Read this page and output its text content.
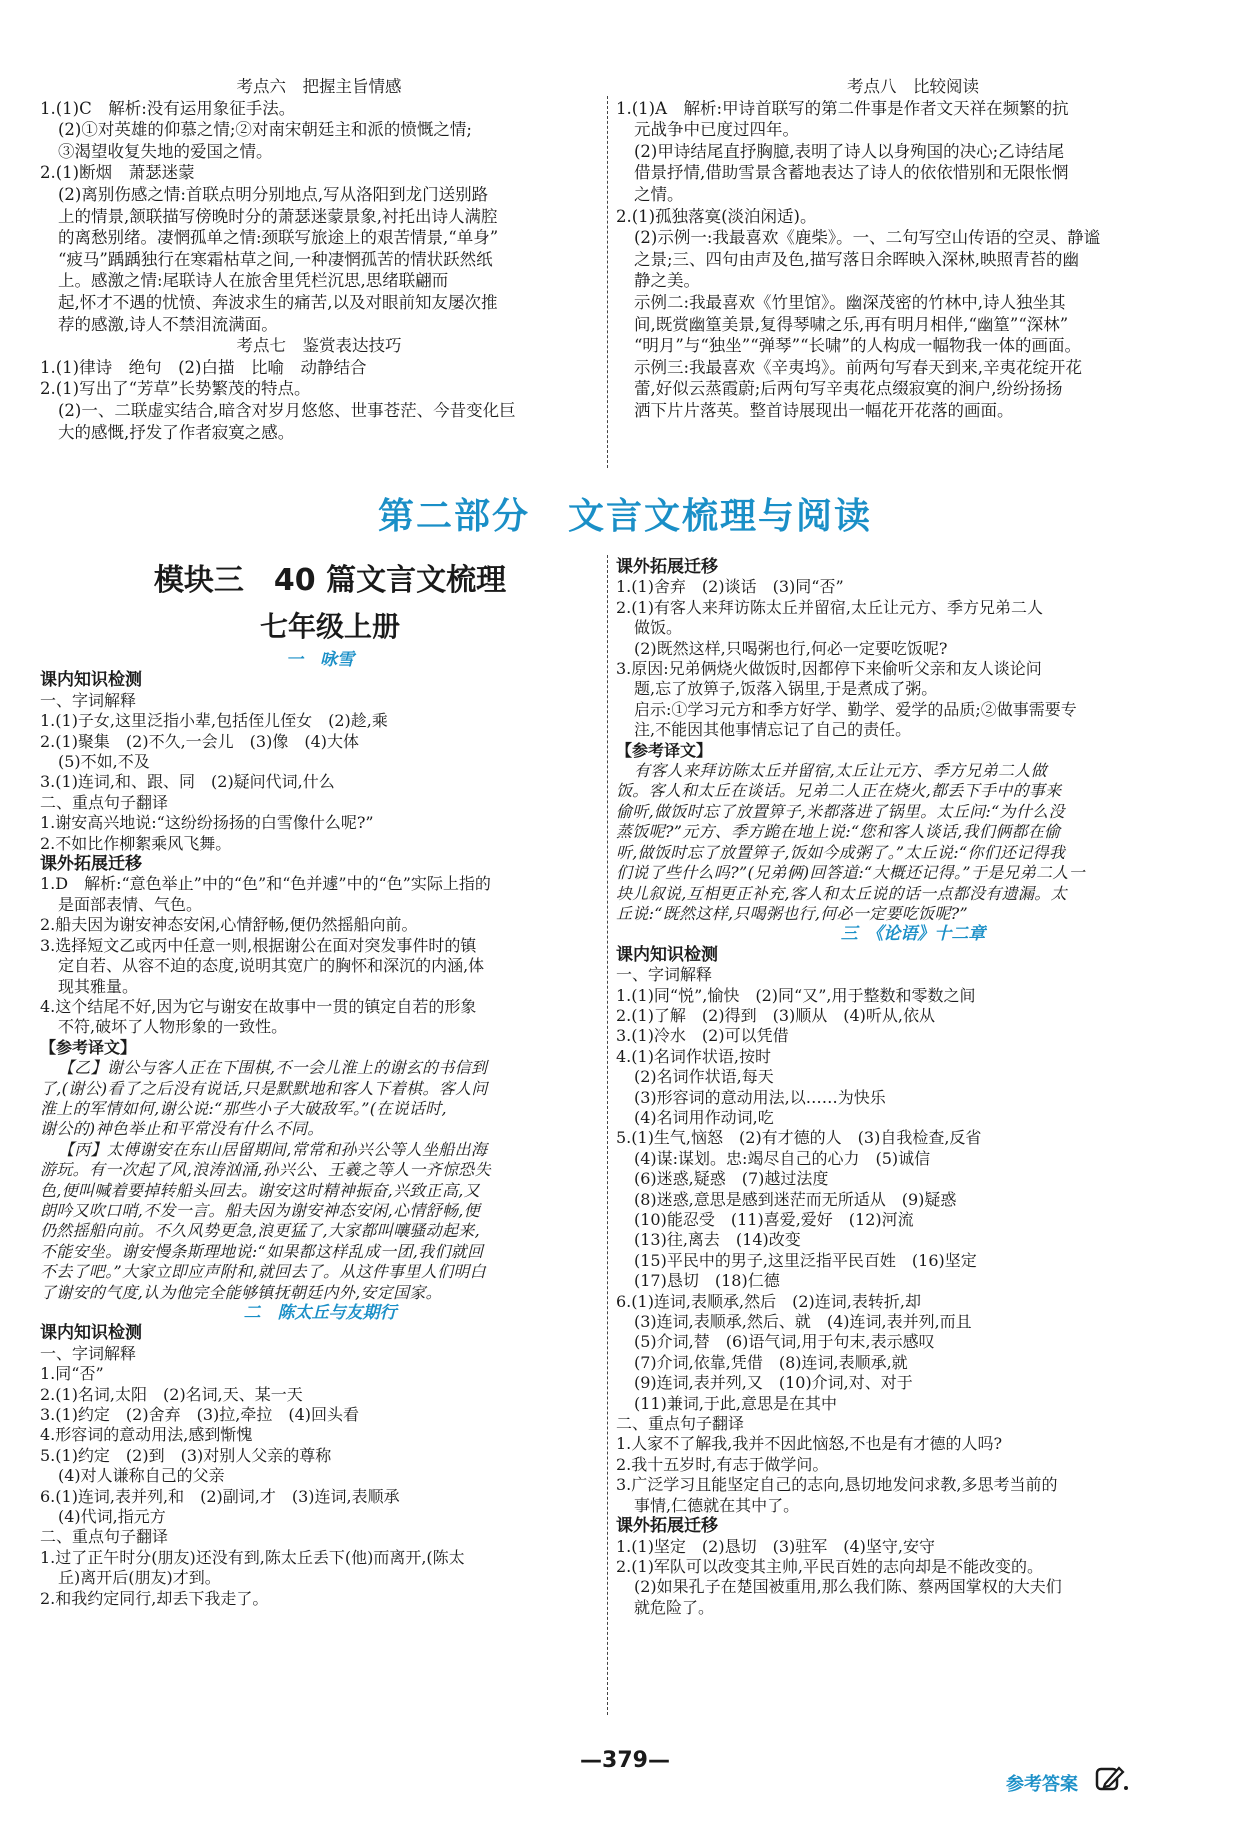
考点六　把握主旨情感

1.(1)C　解析:没有运用象征手法。

(2)①对英雄的仰慕之情;②对南宋朝廷主和派的愤慨之情;

③渴望收复失地的爱国之情。

2.(1)断烟　萧瑟迷蒙

(2)离别伤感之情:首联点明分别地点,写从洛阳到龙门送别路

上的情景,颔联描写傍晚时分的萧瑟迷蒙景象,衬托出诗人满腔

的离愁别绪。凄惘孤单之情:颈联写旅途上的艰苦情景,“单身”

“疲马”踽踽独行在寒霜枯草之间,一种凄惘孤苦的情状跃然纸

上。感激之情:尾联诗人在旅舍里凭栏沉思,思绪联翩而

起,怀才不遇的忧愤、奔波求生的痛苦,以及对眼前知友屡次推

荐的感激,诗人不禁泪流满面。

考点七　鉴赏表达技巧

1.(1)律诗　绝句　(2)白描　比喻　动静结合

2.(1)写出了“芳草”长势繁茂的特点。

(2)一、二联虚实结合,暗含对岁月悠悠、世事苍茫、今昔变化巨

大的感慨,抒发了作者寂寞之感。

考点八　比较阅读

1.(1)A　解析:甲诗首联写的第二件事是作者文天祥在频繁的抗

元战争中已度过四年。

(2)甲诗结尾直抒胸臆,表明了诗人以身殉国的决心;乙诗结尾

借景抒情,借助雪景含蓄地表达了诗人的依依惜别和无限怅惘

之情。

2.(1)孤独落寞(淡泊闲适)。

(2)示例一:我最喜欢《鹿柴》。一、二句写空山传语的空灵、静谧

之景;三、四句由声及色,描写落日余晖映入深林,映照青苔的幽

静之美。

示例二:我最喜欢《竹里馆》。幽深茂密的竹林中,诗人独坐其

间,既赏幽篁美景,复得琴啸之乐,再有明月相伴,“幽篁”“深林”

“明月”与“独坐”“弹琴”“长啸”的人构成一幅物我一体的画面。

示例三:我最喜欢《辛夷坞》。前两句写春天到来,辛夷花绽开花

蕾,好似云蒸霞蔚;后两句写辛夷花点缀寂寞的涧户,纷纷扬扬

洒下片片落英。整首诗展现出一幅花开花落的画面。

第二部分　文言文梳理与阅读
模块三　40 篇文言文梳理
七年级上册

一　咏雪

课内知识检测

一、字词解释

1.(1)子女,这里泛指小辈,包括侄儿侄女　(2)趁,乘

2.(1)聚集　(2)不久,一会儿　(3)像　(4)大体

(5)不如,不及

3.(1)连词,和、跟、同　(2)疑问代词,什么

二、重点句子翻译

1.谢安高兴地说:“这纷纷扬扬的白雪像什么呢?”

2.不如比作柳絮乘风飞舞。

课外拓展迁移

1.D　解析:“意色举止”中的“色”和“色并遽”中的“色”实际上指的

是面部表情、气色。

2.船夫因为谢安神态安闲,心情舒畅,便仍然摇船向前。

3.选择短文乙或丙中任意一则,根据谢公在面对突发事件时的镇

定自若、从容不迫的态度,说明其宽广的胸怀和深沉的内涵,体

现其雅量。

4.这个结尾不好,因为它与谢安在故事中一贯的镇定自若的形象

不符,破坏了人物形象的一致性。

【参考译文】

【乙】谢公与客人正在下围棋,不一会儿淮上的谢玄的书信到

了,(谢公)看了之后没有说话,只是默默地和客人下着棋。客人问

淮上的军情如何,谢公说:“那些小子大破敌军。”(在说话时,

谢公的)神色举止和平常没有什么不同。

【丙】太傅谢安在东山居留期间,常常和孙兴公等人坐船出海

游玩。有一次起了风,浪涛汹涌,孙兴公、王羲之等人一齐惊恐失

色,便叫喊着要掉转船头回去。谢安这时精神振奋,兴致正高,又

朗吟又吹口哨,不发一言。船夫因为谢安神态安闲,心情舒畅,便

仍然摇船向前。不久风势更急,浪更猛了,大家都叫嚷骚动起来,

不能安坐。谢安慢条斯理地说:“如果都这样乱成一团,我们就回

不去了吧。”大家立即应声附和,就回去了。从这件事里人们明白

了谢安的气度,认为他完全能够镇抚朝廷内外,安定国家。

二　陈太丘与友期行

课内知识检测

一、字词解释

1.同“否”

2.(1)名词,太阳　(2)名词,天、某一天

3.(1)约定　(2)舍弃　(3)拉,牵拉　(4)回头看

4.形容词的意动用法,感到惭愧

5.(1)约定　(2)到　(3)对别人父亲的尊称

(4)对人谦称自己的父亲

6.(1)连词,表并列,和　(2)副词,才　(3)连词,表顺承

(4)代词,指元方

二、重点句子翻译

1.过了正午时分(朋友)还没有到,陈太丘丢下(他)而离开,(陈太

丘)离开后(朋友)才到。

2.和我约定同行,却丢下我走了。

课外拓展迁移

1.(1)舍弃　(2)谈话　(3)同“否”

2.(1)有客人来拜访陈太丘并留宿,太丘让元方、季方兄弟二人

做饭。

(2)既然这样,只喝粥也行,何必一定要吃饭呢?

3.原因:兄弟俩烧火做饭时,因都停下来偷听父亲和友人谈论问

题,忘了放箅子,饭落入锅里,于是煮成了粥。

启示:①学习元方和季方好学、勤学、爱学的品质;②做事需要专

注,不能因其他事情忘记了自己的责任。

【参考译文】

有客人来拜访陈太丘并留宿,太丘让元方、季方兄弟二人做

饭。客人和太丘在谈话。兄弟二人正在烧火,都丢下手中的事来

偷听,做饭时忘了放置箅子,米都落进了锅里。太丘问:“为什么没

蒸饭呢?”元方、季方跪在地上说:“您和客人谈话,我们俩都在偷

听,做饭时忘了放置箅子,饭如今成粥了。”太丘说:“你们还记得我

们说了些什么吗?”(兄弟俩)回答道:“大概还记得。”于是兄弟二人一

块儿叙说,互相更正补充,客人和太丘说的话一点都没有遗漏。太

丘说:“既然这样,只喝粥也行,何必一定要吃饭呢?”

三　《论语》十二章

课内知识检测

一、字词解释

1.(1)同“悦”,愉快　(2)同“又”,用于整数和零数之间

2.(1)了解　(2)得到　(3)顺从　(4)听从,依从

3.(1)冷水　(2)可以凭借

4.(1)名词作状语,按时

(2)名词作状语,每天

(3)形容词的意动用法,以……为快乐

(4)名词用作动词,吃

5.(1)生气,恼怒　(2)有才德的人　(3)自我检查,反省

(4)谋:谋划。忠:竭尽自己的心力　(5)诚信

(6)迷惑,疑惑　(7)越过法度

(8)迷惑,意思是感到迷茫而无所适从　(9)疑惑

(10)能忍受　(11)喜爱,爱好　(12)河流

(13)往,离去　(14)改变

(15)平民中的男子,这里泛指平民百姓　(16)坚定

(17)恳切　(18)仁德

6.(1)连词,表顺承,然后　(2)连词,表转折,却

(3)连词,表顺承,然后、就　(4)连词,表并列,而且

(5)介词,替　(6)语气词,用于句末,表示感叹

(7)介词,依靠,凭借　(8)连词,表顺承,就

(9)连词,表并列,又　(10)介词,对、对于

(11)兼词,于此,意思是在其中

二、重点句子翻译

1.人家不了解我,我并不因此恼怒,不也是有才德的人吗?

2.我十五岁时,有志于做学问。

3.广泛学习且能坚定自己的志向,恳切地发问求教,多思考当前的

事情,仁德就在其中了。

课外拓展迁移

1.(1)坚定　(2)恳切　(3)驻军　(4)坚守,安守

2.(1)军队可以改变其主帅,平民百姓的志向却是不能改变的。

(2)如果孔子在楚国被重用,那么我们陈、蔡两国掌权的大夫们

就危险了。

—379—
参考答案
